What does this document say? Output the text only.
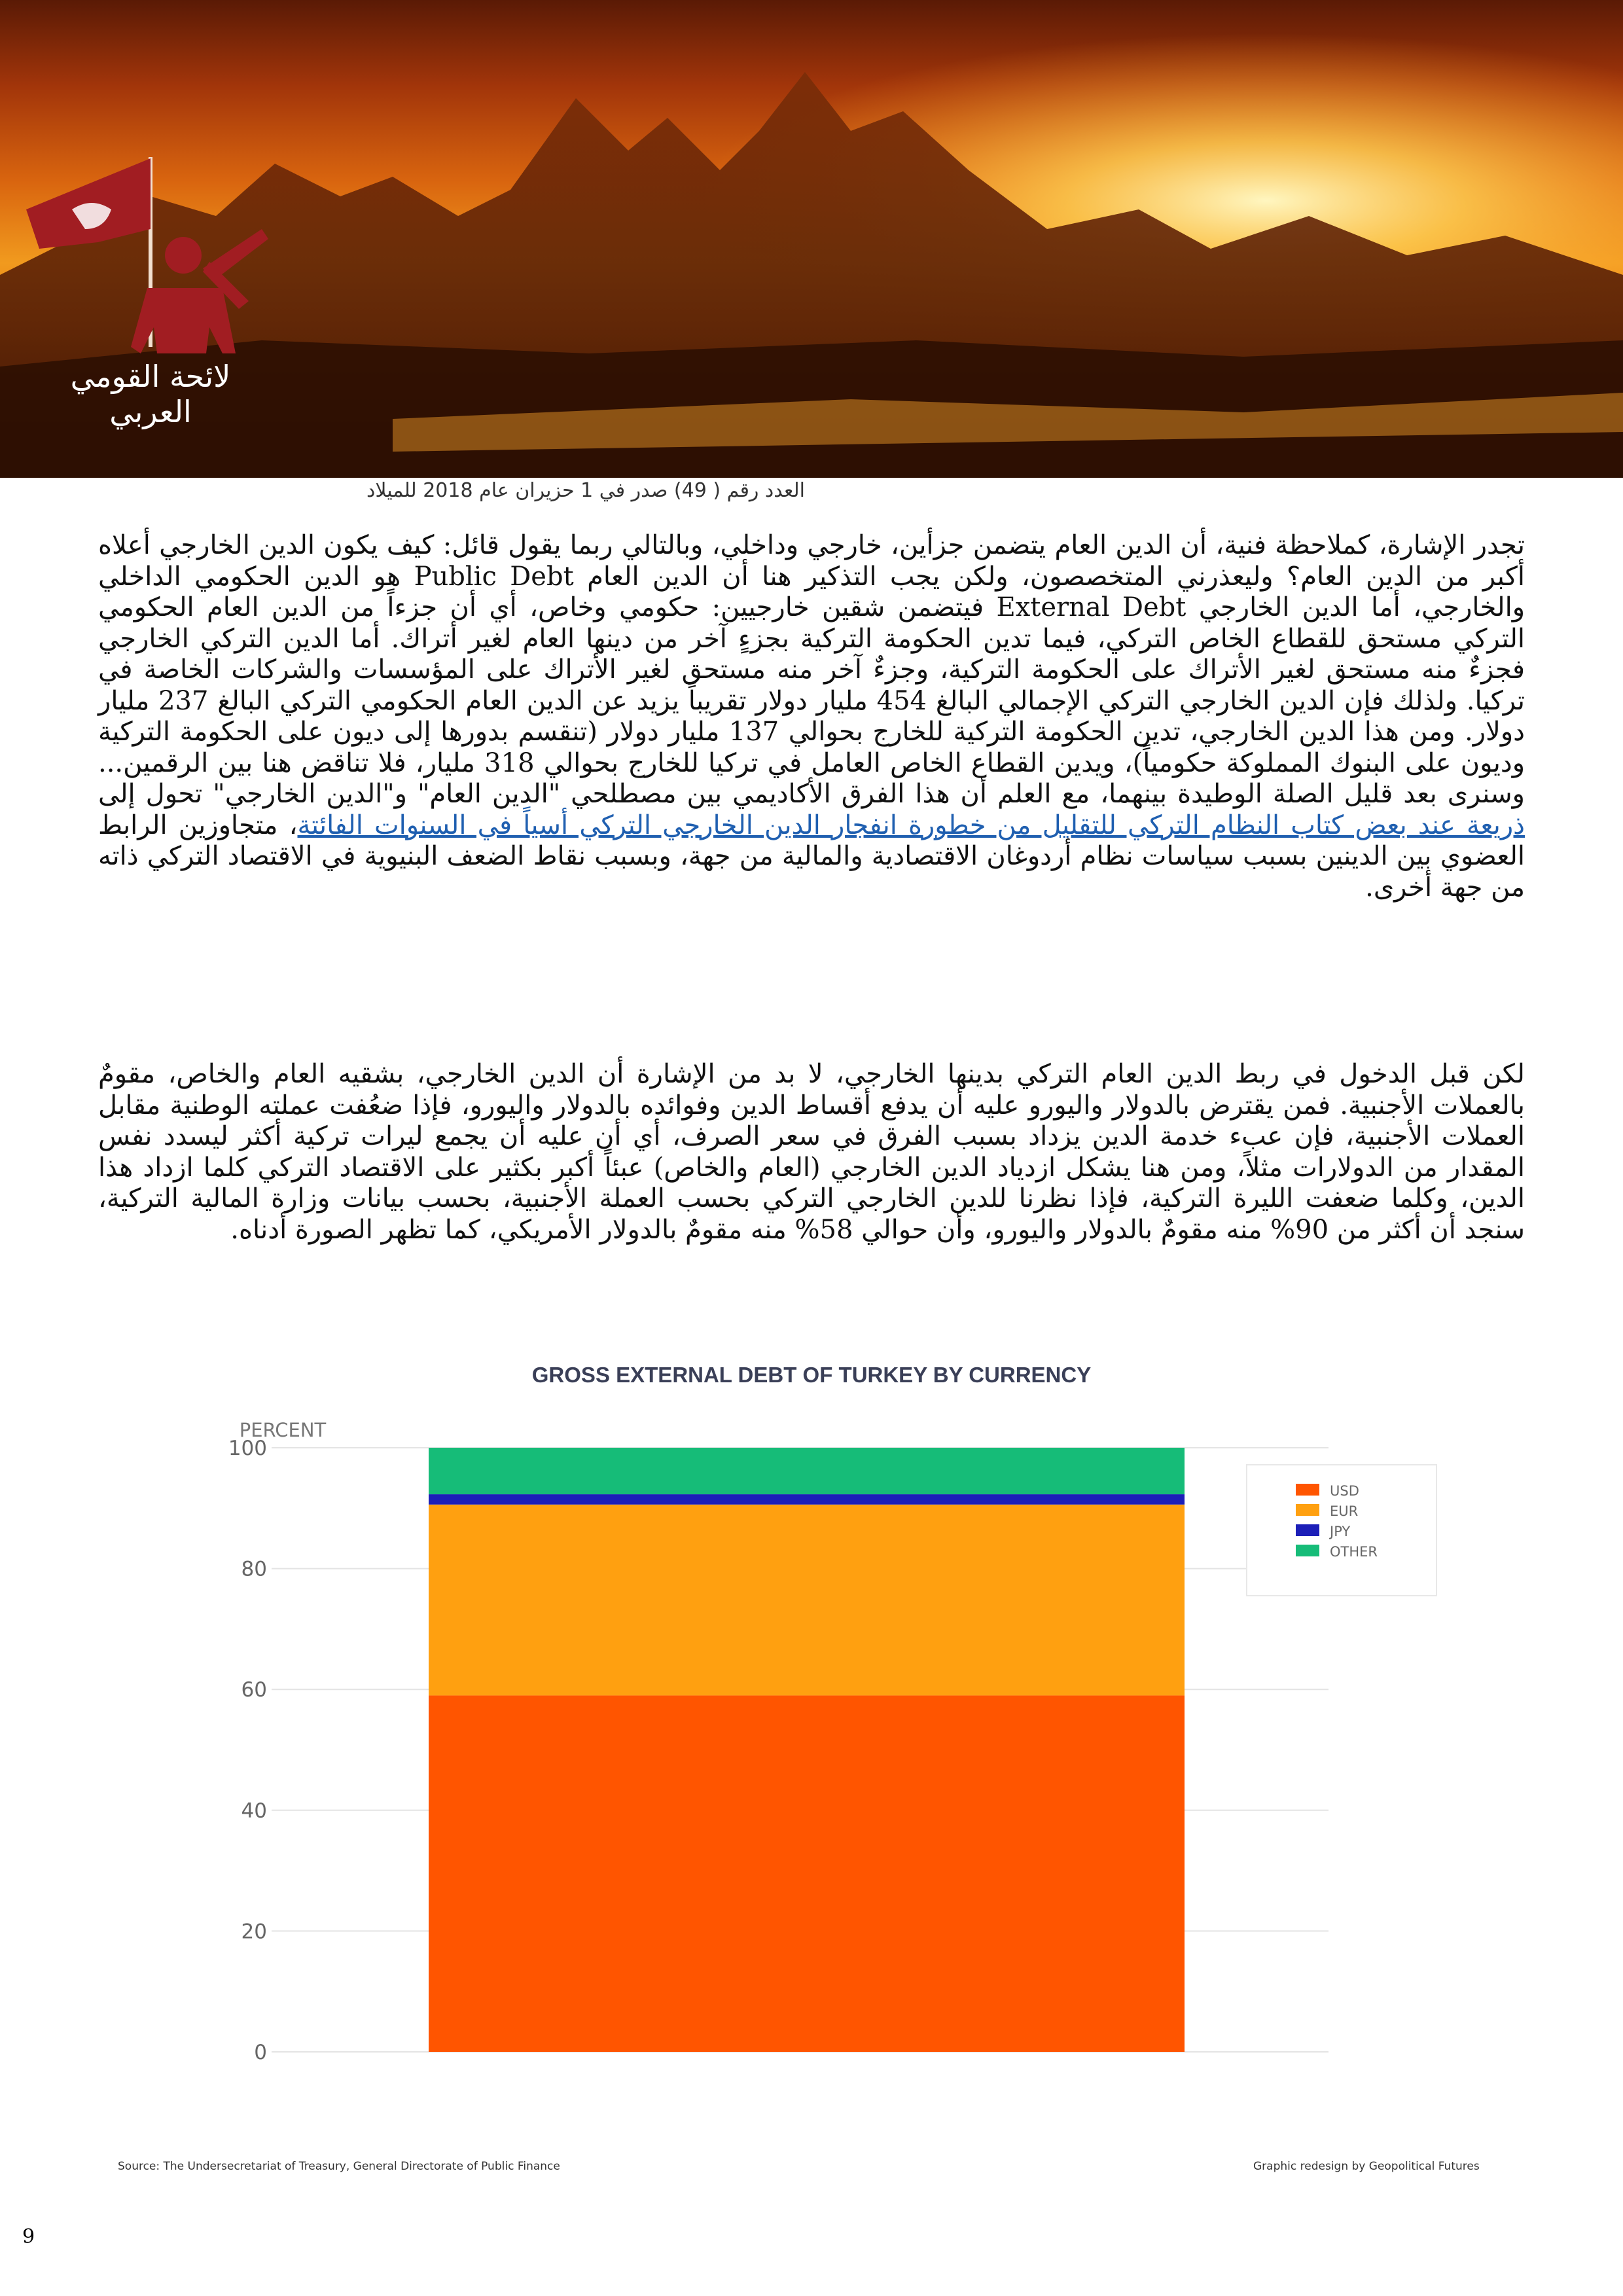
لائحة القومي العربي
العدد رقم ( 49) صدر في 1 حزيران عام 2018 للميلاد

تجدر الإشارة، كملاحظة فنية، أن الدين العام يتضمن جزأين، خارجي وداخلي، وبالتالي ربما يقول قائل: كيف يكون الدين الخارجي أعلاه أكبر من الدين العام؟ وليعذرني المتخصصون، ولكن يجب التذكير هنا أن الدين العام Public Debt هو الدين الحكومي الداخلي والخارجي، أما الدين الخارجي External Debt فيتضمن شقين خارجيين: حكومي وخاص، أي أن جزءاً من الدين العام الحكومي التركي مستحق للقطاع الخاص التركي، فيما تدين الحكومة التركية بجزءٍ آخر من دينها العام لغير أتراك. أما الدين التركي الخارجي فجزءٌ منه مستحق لغير الأتراك على الحكومة التركية، وجزءٌ آخر منه مستحق لغير الأتراك على المؤسسات والشركات الخاصة في تركيا. ولذلك فإن الدين الخارجي التركي الإجمالي البالغ 454 مليار دولار تقريباً يزيد عن الدين العام الحكومي التركي البالغ 237 مليار دولار. ومن هذا الدين الخارجي، تدين الحكومة التركية للخارج بحوالي 137 مليار دولار (تنقسم بدورها إلى ديون على الحكومة التركية وديون على البنوك المملوكة حكومياً)، ويدين القطاع الخاص العامل في تركيا للخارج بحوالي 318 مليار، فلا تناقض هنا بين الرقمين... وسنرى بعد قليل الصلة الوطيدة بينهما، مع العلم أن هذا الفرق الأكاديمي بين مصطلحي "الدين العام" و"الدين الخارجي" تحول إلى ذريعة عند بعض كتاب النظام التركي للتقليل من خطورة انفجار الدين الخارجي التركي أسياً في السنوات الفائتة، متجاوزين الرابط العضوي بين الدينين بسبب سياسات نظام أردوغان الاقتصادية والمالية من جهة، وبسبب نقاط الضعف البنيوية في الاقتصاد التركي ذاته من جهة أخرى.

لكن قبل الدخول في ربط الدين العام التركي بدينها الخارجي، لا بد من الإشارة أن الدين الخارجي، بشقيه العام والخاص، مقومٌ بالعملات الأجنبية. فمن يقترض بالدولار واليورو عليه أن يدفع أقساط الدين وفوائده بالدولار واليورو، فإذا ضعُفت عملته الوطنية مقابل العملات الأجنبية، فإن عبء خدمة الدين يزداد بسبب الفرق في سعر الصرف، أي أن عليه أن يجمع ليرات تركية أكثر ليسدد نفس المقدار من الدولارات مثلاً، ومن هنا يشكل ازدياد الدين الخارجي (العام والخاص) عبئاً أكبر بكثير على الاقتصاد التركي كلما ازداد هذا الدين، وكلما ضعفت الليرة التركية، فإذا نظرنا للدين الخارجي التركي بحسب العملة الأجنبية، بحسب بيانات وزارة المالية التركية، سنجد أن أكثر من 90% منه مقومٌ بالدولار واليورو، وأن حوالي 58% منه مقومٌ بالدولار الأمريكي، كما تظهر الصورة أدناه.

GROSS EXTERNAL DEBT OF TURKEY BY CURRENCY
PERCENT
0
20
40
60
80
100
USD
EUR
JPY
OTHER
Source: The Undersecretariat of Treasury, General Directorate of Public Finance	Graphic redesign by Geopolitical Futures
9
